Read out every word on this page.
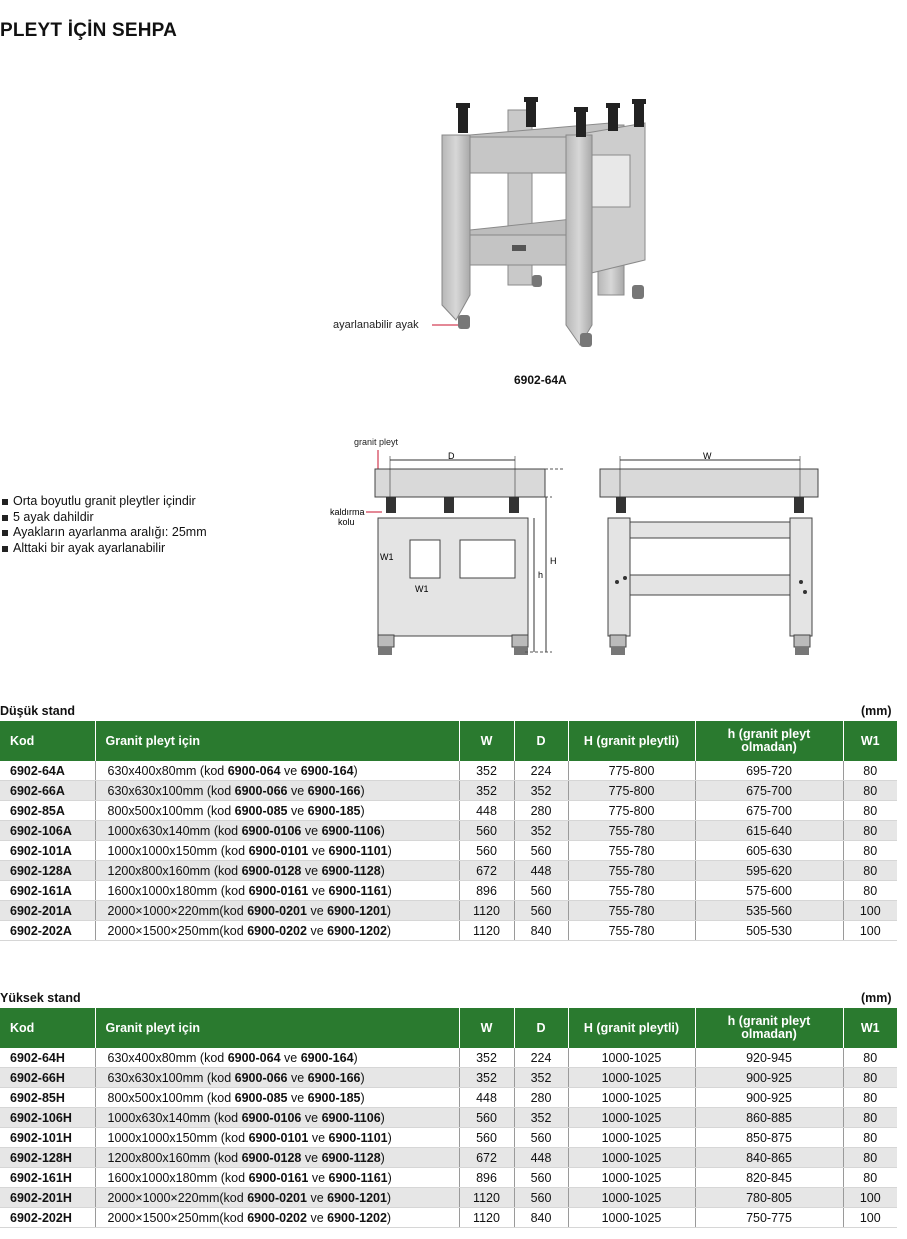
PLEYT İÇİN SEHPA
ayarlanabilir ayak
6902-64A
Orta boyutlu granit pleytler içindir
5 ayak dahildir
Ayakların ayarlanma aralığı: 25mm
Alttaki bir ayak ayarlanabilir
granit pleyt
D
kaldırma
kolu
W1
W1
h
H
W
Düşük stand	(mm)
Kod	Granit pleyt için	W	D	H (granit pleytli)	h (granit pleyt
olmadan)	W1
6902-64A	630x400x80mm (kod 6900-064 ve 6900-164)	352	224	775-800	695-720	80
6902-66A	630x630x100mm (kod 6900-066 ve 6900-166)	352	352	775-800	675-700	80
6902-85A	800x500x100mm (kod 6900-085 ve 6900-185)	448	280	775-800	675-700	80
6902-106A	1000x630x140mm (kod 6900-0106 ve 6900-1106)	560	352	755-780	615-640	80
6902-101A	1000x1000x150mm (kod 6900-0101 ve 6900-1101)	560	560	755-780	605-630	80
6902-128A	1200x800x160mm (kod 6900-0128 ve 6900-1128)	672	448	755-780	595-620	80
6902-161A	1600x1000x180mm (kod 6900-0161 ve 6900-1161)	896	560	755-780	575-600	80
6902-201A	2000×1000×220mm(kod 6900-0201 ve 6900-1201)	1120	560	755-780	535-560	100
6902-202A	2000×1500×250mm(kod 6900-0202 ve 6900-1202)	1120	840	755-780	505-530	100
Yüksek stand	(mm)
Kod	Granit pleyt için	W	D	H (granit pleytli)	h (granit pleyt
olmadan)	W1
6902-64H	630x400x80mm (kod 6900-064 ve 6900-164)	352	224	1000-1025	920-945	80
6902-66H	630x630x100mm (kod 6900-066 ve 6900-166)	352	352	1000-1025	900-925	80
6902-85H	800x500x100mm (kod 6900-085 ve 6900-185)	448	280	1000-1025	900-925	80
6902-106H	1000x630x140mm (kod 6900-0106 ve 6900-1106)	560	352	1000-1025	860-885	80
6902-101H	1000x1000x150mm (kod 6900-0101 ve 6900-1101)	560	560	1000-1025	850-875	80
6902-128H	1200x800x160mm (kod 6900-0128 ve 6900-1128)	672	448	1000-1025	840-865	80
6902-161H	1600x1000x180mm (kod 6900-0161 ve 6900-1161)	896	560	1000-1025	820-845	80
6902-201H	2000×1000×220mm(kod 6900-0201 ve 6900-1201)	1120	560	1000-1025	780-805	100
6902-202H	2000×1500×250mm(kod 6900-0202 ve 6900-1202)	1120	840	1000-1025	750-775	100
